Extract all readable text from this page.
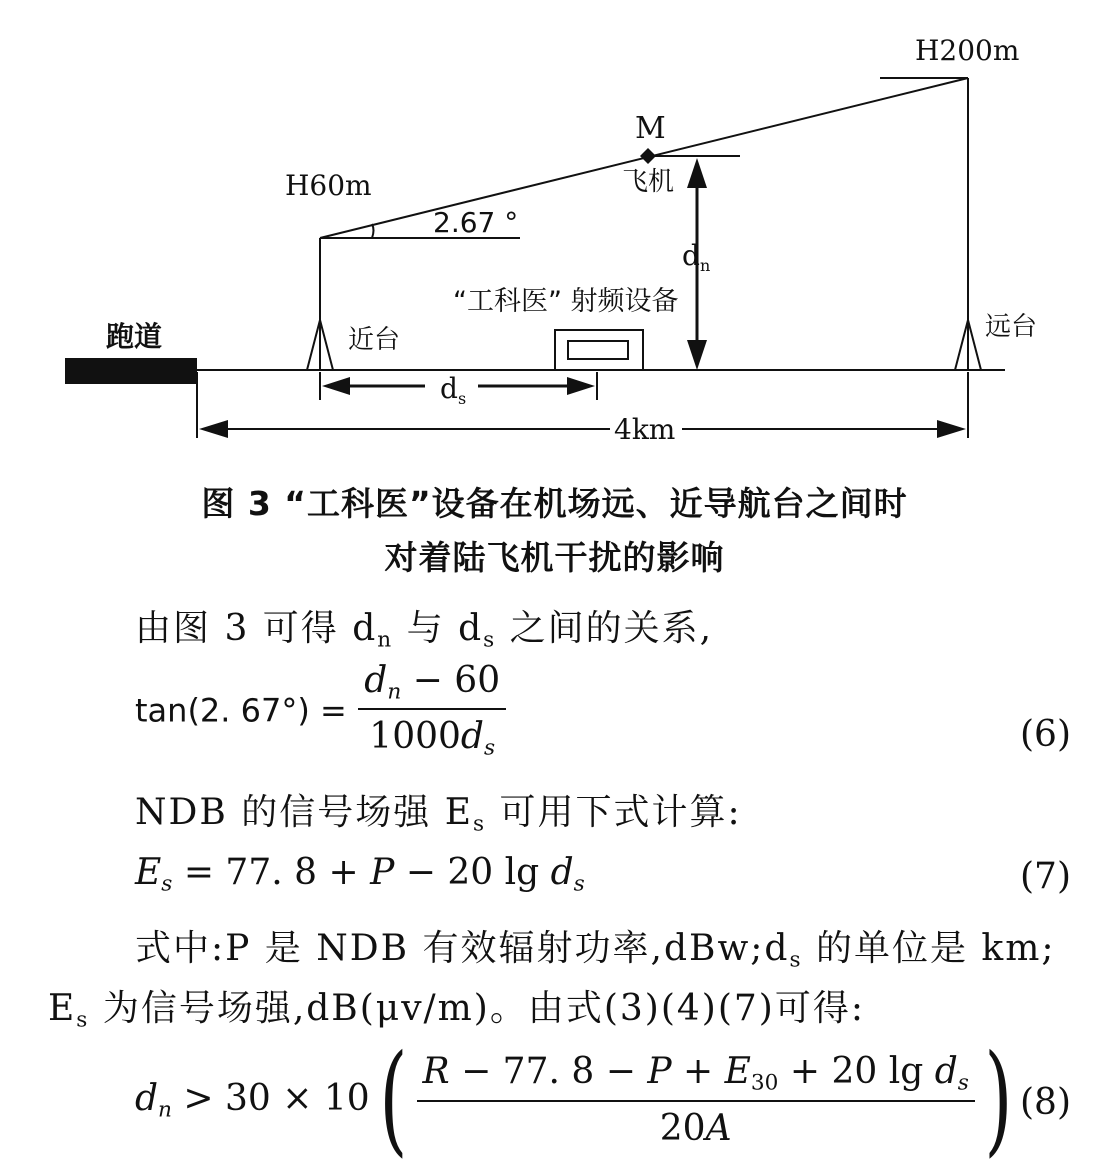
H200m
M
飞机
H60m
2.67 °
$d_n$
“工科医” 射频设备
跑道	近台	远台
$d_s$
4km
图 3 “工科医”设备在机场远、近导航台之间时
对着陆飞机干扰的影响
由图 3 可得 $d_n$ 与 $d_s$ 之间的关系,
tan(2. $67^\circ) = \frac{d_n - 60}{1000d_s}$	(6)
NDB 的信号场强 $E_s$ 可用下式计算:
$E_s = 77$. 8 + P − 20 $\lg d_s$	(7)
式中:P 是 NDB 有效辐射功率$,dBw;d_s$ 的单位是 km;
$E_s$ 为信号场强,dB(μv/m)。由式(3)(4)(7)可得:
$d_n > 30 \times 10( \frac{R - 77. 8 - P + E_{30} + 20 \lg d_s}{20A}$ ) (8)
